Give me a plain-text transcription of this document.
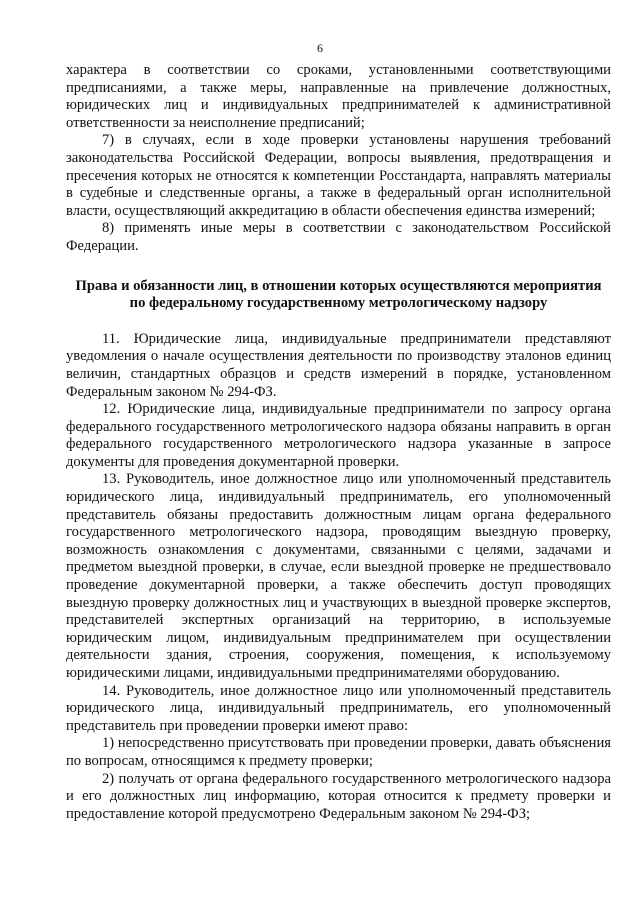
6

характера в соответствии со сроками, установленными соответствующими предписаниями, а также меры, направленные на привлечение должностных, юридических лиц и индивидуальных предпринимателей к административной ответственности за неисполнение предписаний;

7) в случаях, если в ходе проверки установлены нарушения требований законодательства Российской Федерации, вопросы выявления, предотвращения и пресечения которых не относятся к компетенции Росстандарта, направлять материалы в судебные и следственные органы, а также в федеральный орган исполнительной власти, осуществляющий аккредитацию в области обеспечения единства измерений;

8) применять иные меры в соответствии с законодательством Российской Федерации.

Права и обязанности лиц, в отношении которых осуществляются мероприятия по федеральному государственному метрологическому надзору

11. Юридические лица, индивидуальные предприниматели представляют уведомления о начале осуществления деятельности по производству эталонов единиц величин, стандартных образцов и средств измерений в порядке, установленном Федеральным законом № 294-ФЗ.

12. Юридические лица, индивидуальные предприниматели по запросу органа федерального государственного метрологического надзора обязаны направить в орган федерального государственного метрологического надзора указанные в запросе документы для проведения документарной проверки.

13. Руководитель, иное должностное лицо или уполномоченный представитель юридического лица, индивидуальный предприниматель, его уполномоченный представитель обязаны предоставить должностным лицам органа федерального государственного метрологического надзора, проводящим выездную проверку, возможность ознакомления с документами, связанными с целями, задачами и предметом выездной проверки, в случае, если выездной проверке не предшествовало проведение документарной проверки, а также обеспечить доступ проводящих выездную проверку должностных лиц и участвующих в выездной проверке экспертов, представителей экспертных организаций на территорию, в используемые юридическим лицом, индивидуальным предпринимателем при осуществлении деятельности здания, строения, сооружения, помещения, к используемому юридическими лицами, индивидуальными предпринимателями оборудованию.

14. Руководитель, иное должностное лицо или уполномоченный представитель юридического лица, индивидуальный предприниматель, его уполномоченный представитель при проведении проверки имеют право:

1) непосредственно присутствовать при проведении проверки, давать объяснения по вопросам, относящимся к предмету проверки;

2) получать от органа федерального государственного метрологического надзора и его должностных лиц информацию, которая относится к предмету проверки и предоставление которой предусмотрено Федеральным законом № 294-ФЗ;
